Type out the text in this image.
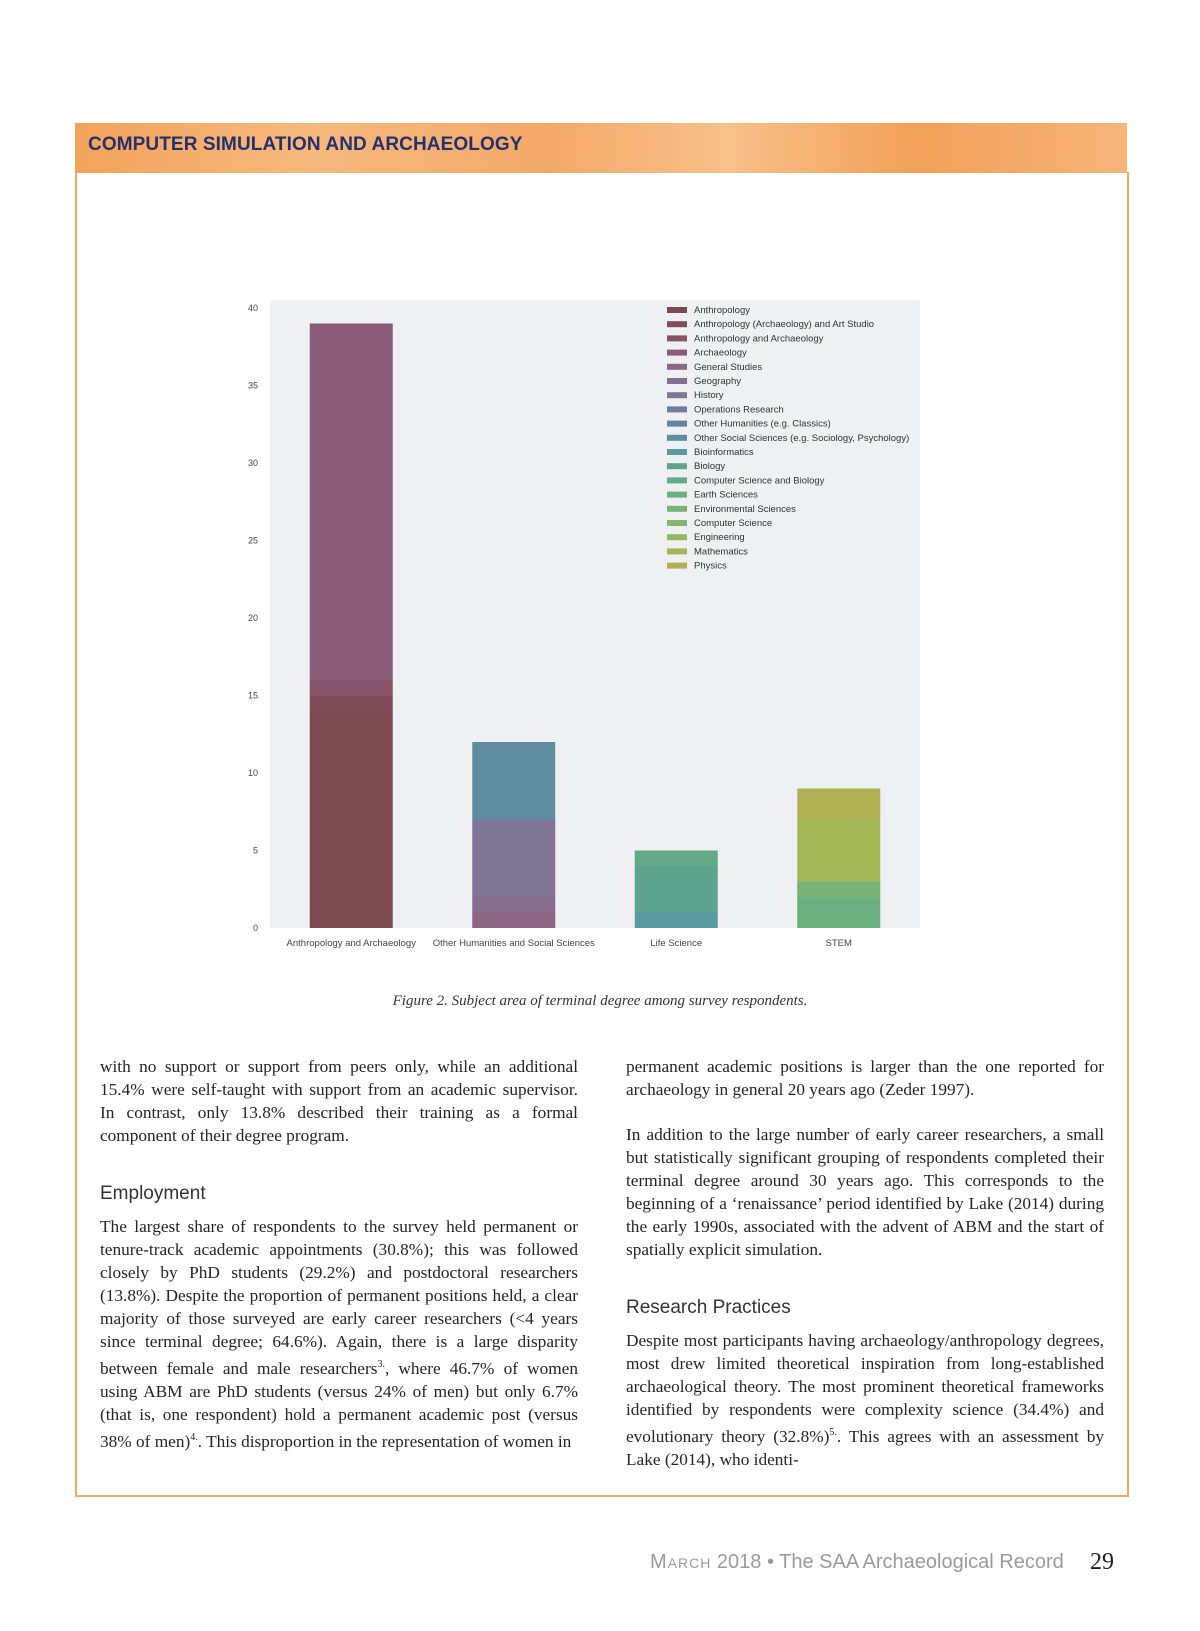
COMPUTER SIMULATION AND ARCHAEOLOGY
0
5
10
15
20
25
30
35
40
Anthropology and Archaeology Other Humanities and Social Sciences	Life Science	STEM
Anthropology
Anthropology (Archaeology) and Art Studio
Anthropology and Archaeology
Archaeology
General Studies
Geography
History
Operations Research
Other Humanities (e.g. Classics)
Other Social Sciences (e.g. Sociology, Psychology)
Bioinformatics
Biology
Computer Science and Biology
Earth Sciences
Environmental Sciences
Computer Science
Engineering
Mathematics
Physics
Figure 2. Subject area of terminal degree among survey respondents.

with no support or support from peers only, while an additional 15.4% were self-taught with support from an academic supervisor. In contrast, only 13.8% described their training as a formal component of their degree program.

Employment

The largest share of respondents to the survey held permanent or tenure-track academic appointments (30.8%); this was followed closely by PhD students (29.2%) and postdoctoral researchers (13.8%). Despite the proportion of permanent positions held, a clear majority of those surveyed are early career researchers (<4 years since terminal degree; 64.6%). Again, there is a large disparity between female and male researchers$^{3.}$, where 46.7% of women using ABM are PhD students (versus 24% of men) but only 6.7% (that is, one respondent) hold a permanent academic post (versus 38% of men)$^{4.}$. This disproportion in the representation of women in

permanent academic positions is larger than the one reported for archaeology in general 20 years ago (Zeder 1997).

In addition to the large number of early career researchers, a small but statistically significant grouping of respondents completed their terminal degree around 30 years ago. This corresponds to the beginning of a ‘renaissance’ period identified by Lake (2014) during the early 1990s, associated with the advent of ABM and the start of spatially explicit simulation.

Research Practices

Despite most participants having archaeology/anthropology degrees, most drew limited theoretical inspiration from long-established archaeological theory. The most prominent theoretical frameworks identified by respondents were complexity science (34.4%) and evolutionary theory $(32.8\%)^{5.}$. This agrees with an assessment by Lake (2014), who identi-

March 2018 • The SAA Archaeological Record 29
